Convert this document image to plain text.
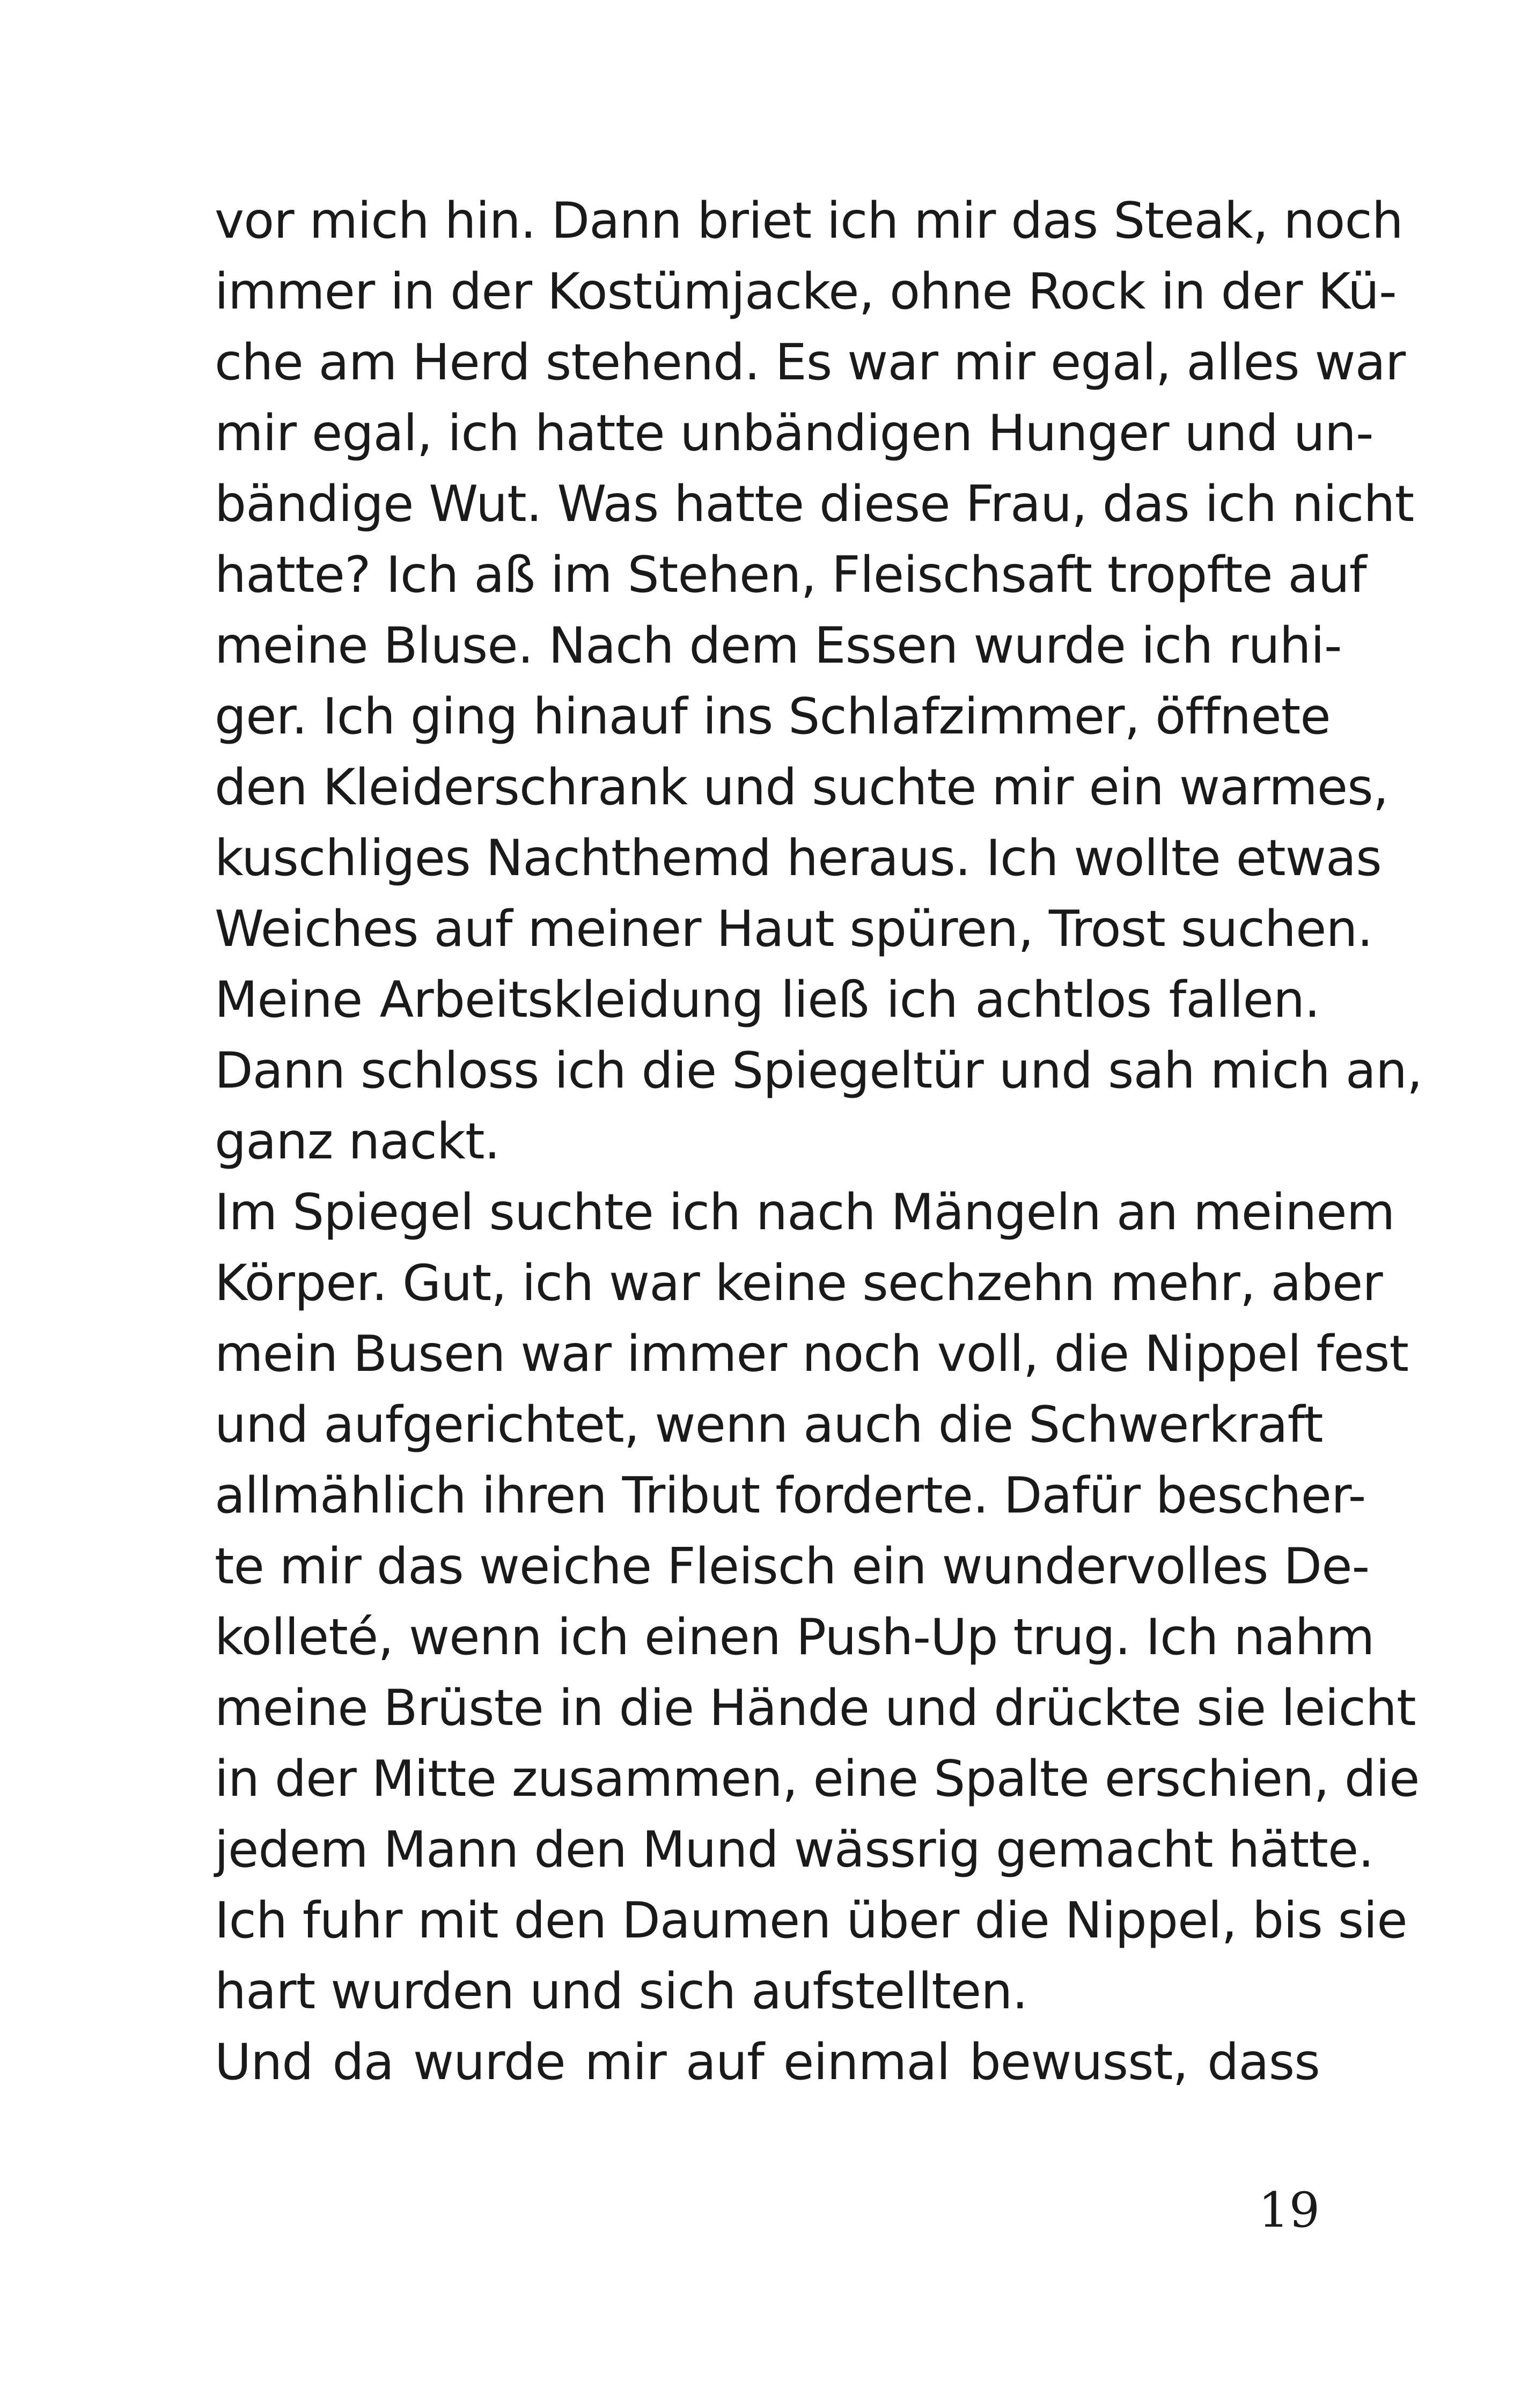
vor mich hin. Dann briet ich mir das Steak, noch
immer in der Kostümjacke, ohne Rock in der Kü-
che am Herd stehend. Es war mir egal, alles war
mir egal, ich hatte unbändigen Hunger und un-
bändige Wut. Was hatte diese Frau, das ich nicht
hatte? Ich aß im Stehen, Fleischsaft tropfte auf
meine Bluse. Nach dem Essen wurde ich ruhi-
ger. Ich ging hinauf ins Schlafzimmer, öffnete
den Kleiderschrank und suchte mir ein warmes,
kuschliges Nachthemd heraus. Ich wollte etwas
Weiches auf meiner Haut spüren, Trost suchen.
Meine Arbeitskleidung ließ ich achtlos fallen.
Dann schloss ich die Spiegeltür und sah mich an,
ganz nackt.
Im Spiegel suchte ich nach Mängeln an meinem
Körper. Gut, ich war keine sechzehn mehr, aber
mein Busen war immer noch voll, die Nippel fest
und aufgerichtet, wenn auch die Schwerkraft
allmählich ihren Tribut forderte. Dafür bescher-
te mir das weiche Fleisch ein wundervolles De-
kolleté, wenn ich einen Push-Up trug. Ich nahm
meine Brüste in die Hände und drückte sie leicht
in der Mitte zusammen, eine Spalte erschien, die
jedem Mann den Mund wässrig gemacht hätte.
Ich fuhr mit den Daumen über die Nippel, bis sie
hart wurden und sich aufstellten.
Und da wurde mir auf einmal bewusst, dass
19
